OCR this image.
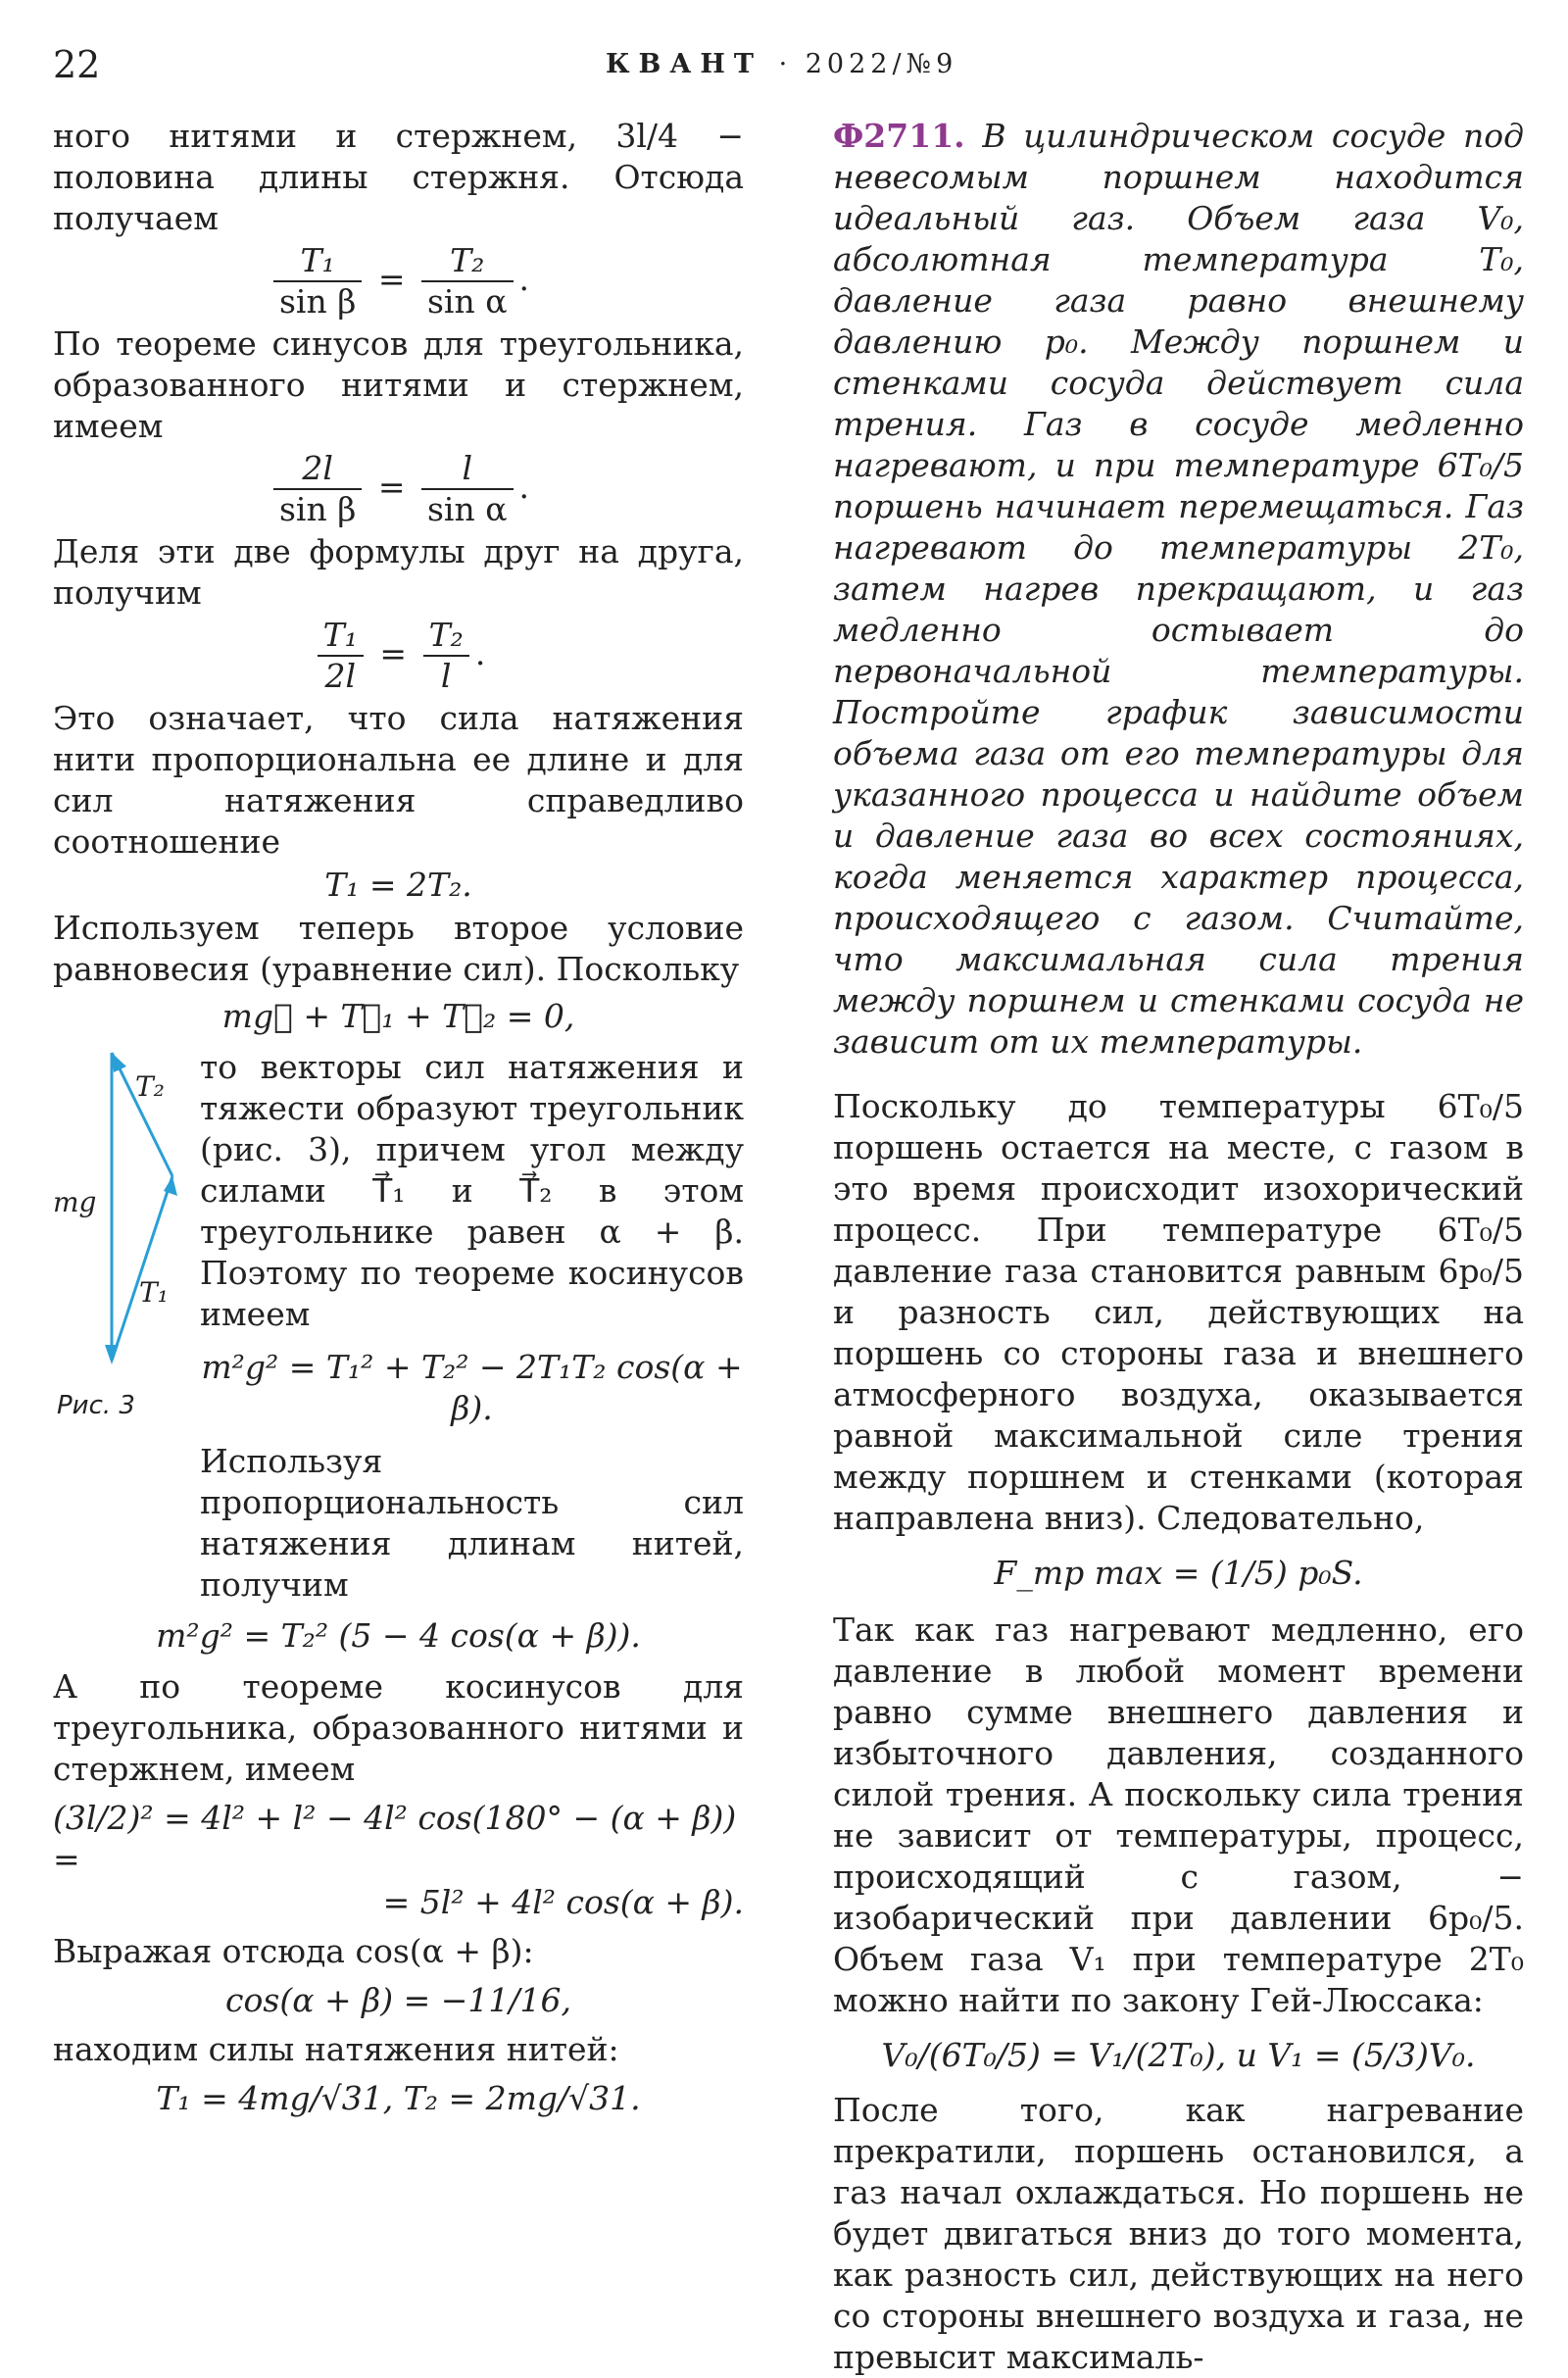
22	КВАНТ · 2022/№9

ного нитями и стержнем, 3l/4 − половина длины стержня. Отсюда получаем

$\frac{\text{T₁}}{\text{sin β}} = \frac{\text{T₂}}{\text{sin α}}$ .

По теореме синусов для треугольника, образованного нитями и стержнем, имеем

$\frac{2l}{\text{sin β}} = \frac{l}{\text{sin α}}$ .

Деля эти две формулы друг на друга, получим

$\frac{\text{T₁}}{2l} = \frac{\text{T₂}}{l}$ .

Это означает, что сила натяжения нити пропорциональна ее длине и для сил натяжения справедливо соотношение

T₁ = 2T₂.

Используем теперь второе условие равновесия (уравнение сил). Поскольку

mg⃗ + T⃗₁ + T⃗₂ = 0,
T₂
mg
T₁
Рис. 3

то векторы сил натяжения и тяжести образуют треугольник (рис. 3), причем угол между силами T⃗₁ и T⃗₂ в этом треугольнике равен α + β. Поэтому по теореме косинусов имеем

m²g² = T₁² + T₂² − 2T₁T₂ cos(α + β).

Используя пропорциональность сил натяжения длинам нитей, получим

m²g² = T₂² (5 − 4 cos(α + β)).

А по теореме косинусов для треугольника, образованного нитями и стержнем, имеем

(3l/2)² = 4l² + l² − 4l² cos(180° − (α + β)) =
= 5l² + 4l² cos(α + β).

Выражая отсюда cos(α + β):

cos(α + β) = −11/16,

находим силы натяжения нитей:

T₁ = 4mg/√31, T₂ = 2mg/√31.

Ф2711. В цилиндрическом сосуде под невесомым поршнем находится идеальный газ. Объем газа V₀, абсолютная температура T₀, давление газа равно внешнему давлению p₀. Между поршнем и стенками сосуда действует сила трения. Газ в сосуде медленно нагревают, и при температуре 6T₀/5 поршень начинает перемещаться. Газ нагревают до температуры 2T₀, затем нагрев прекращают, и газ медленно остывает до первоначальной температуры. Постройте график зависимости объема газа от его температуры для указанного процесса и найдите объем и давление газа во всех состояниях, когда меняется характер процесса, происходящего с газом. Считайте, что максимальная сила трения между поршнем и стенками сосуда не зависит от их температуры.

Поскольку до температуры 6T₀/5 поршень остается на месте, с газом в это время происходит изохорический процесс. При температуре 6T₀/5 давление газа становится равным 6p₀/5 и разность сил, действующих на поршень со стороны газа и внешнего атмосферного воздуха, оказывается равной максимальной силе трения между поршнем и стенками (которая направлена вниз). Следовательно,

F_тр max = (1/5) p₀S.

Так как газ нагревают медленно, его давление в любой момент времени равно сумме внешнего давления и избыточного давления, созданного силой трения. А поскольку сила трения не зависит от температуры, процесс, происходящий с газом, − изобарический при давлении 6p₀/5. Объем газа V₁ при температуре 2T₀ можно найти по закону Гей-Люссака:

V₀/(6T₀/5) = V₁/(2T₀), и V₁ = (5/3)V₀.

После того, как нагревание прекратили, поршень остановился, а газ начал охлаждаться. Но поршень не будет двигаться вниз до того момента, как разность сил, действующих на него со стороны внешнего воздуха и газа, не превысит максималь-
